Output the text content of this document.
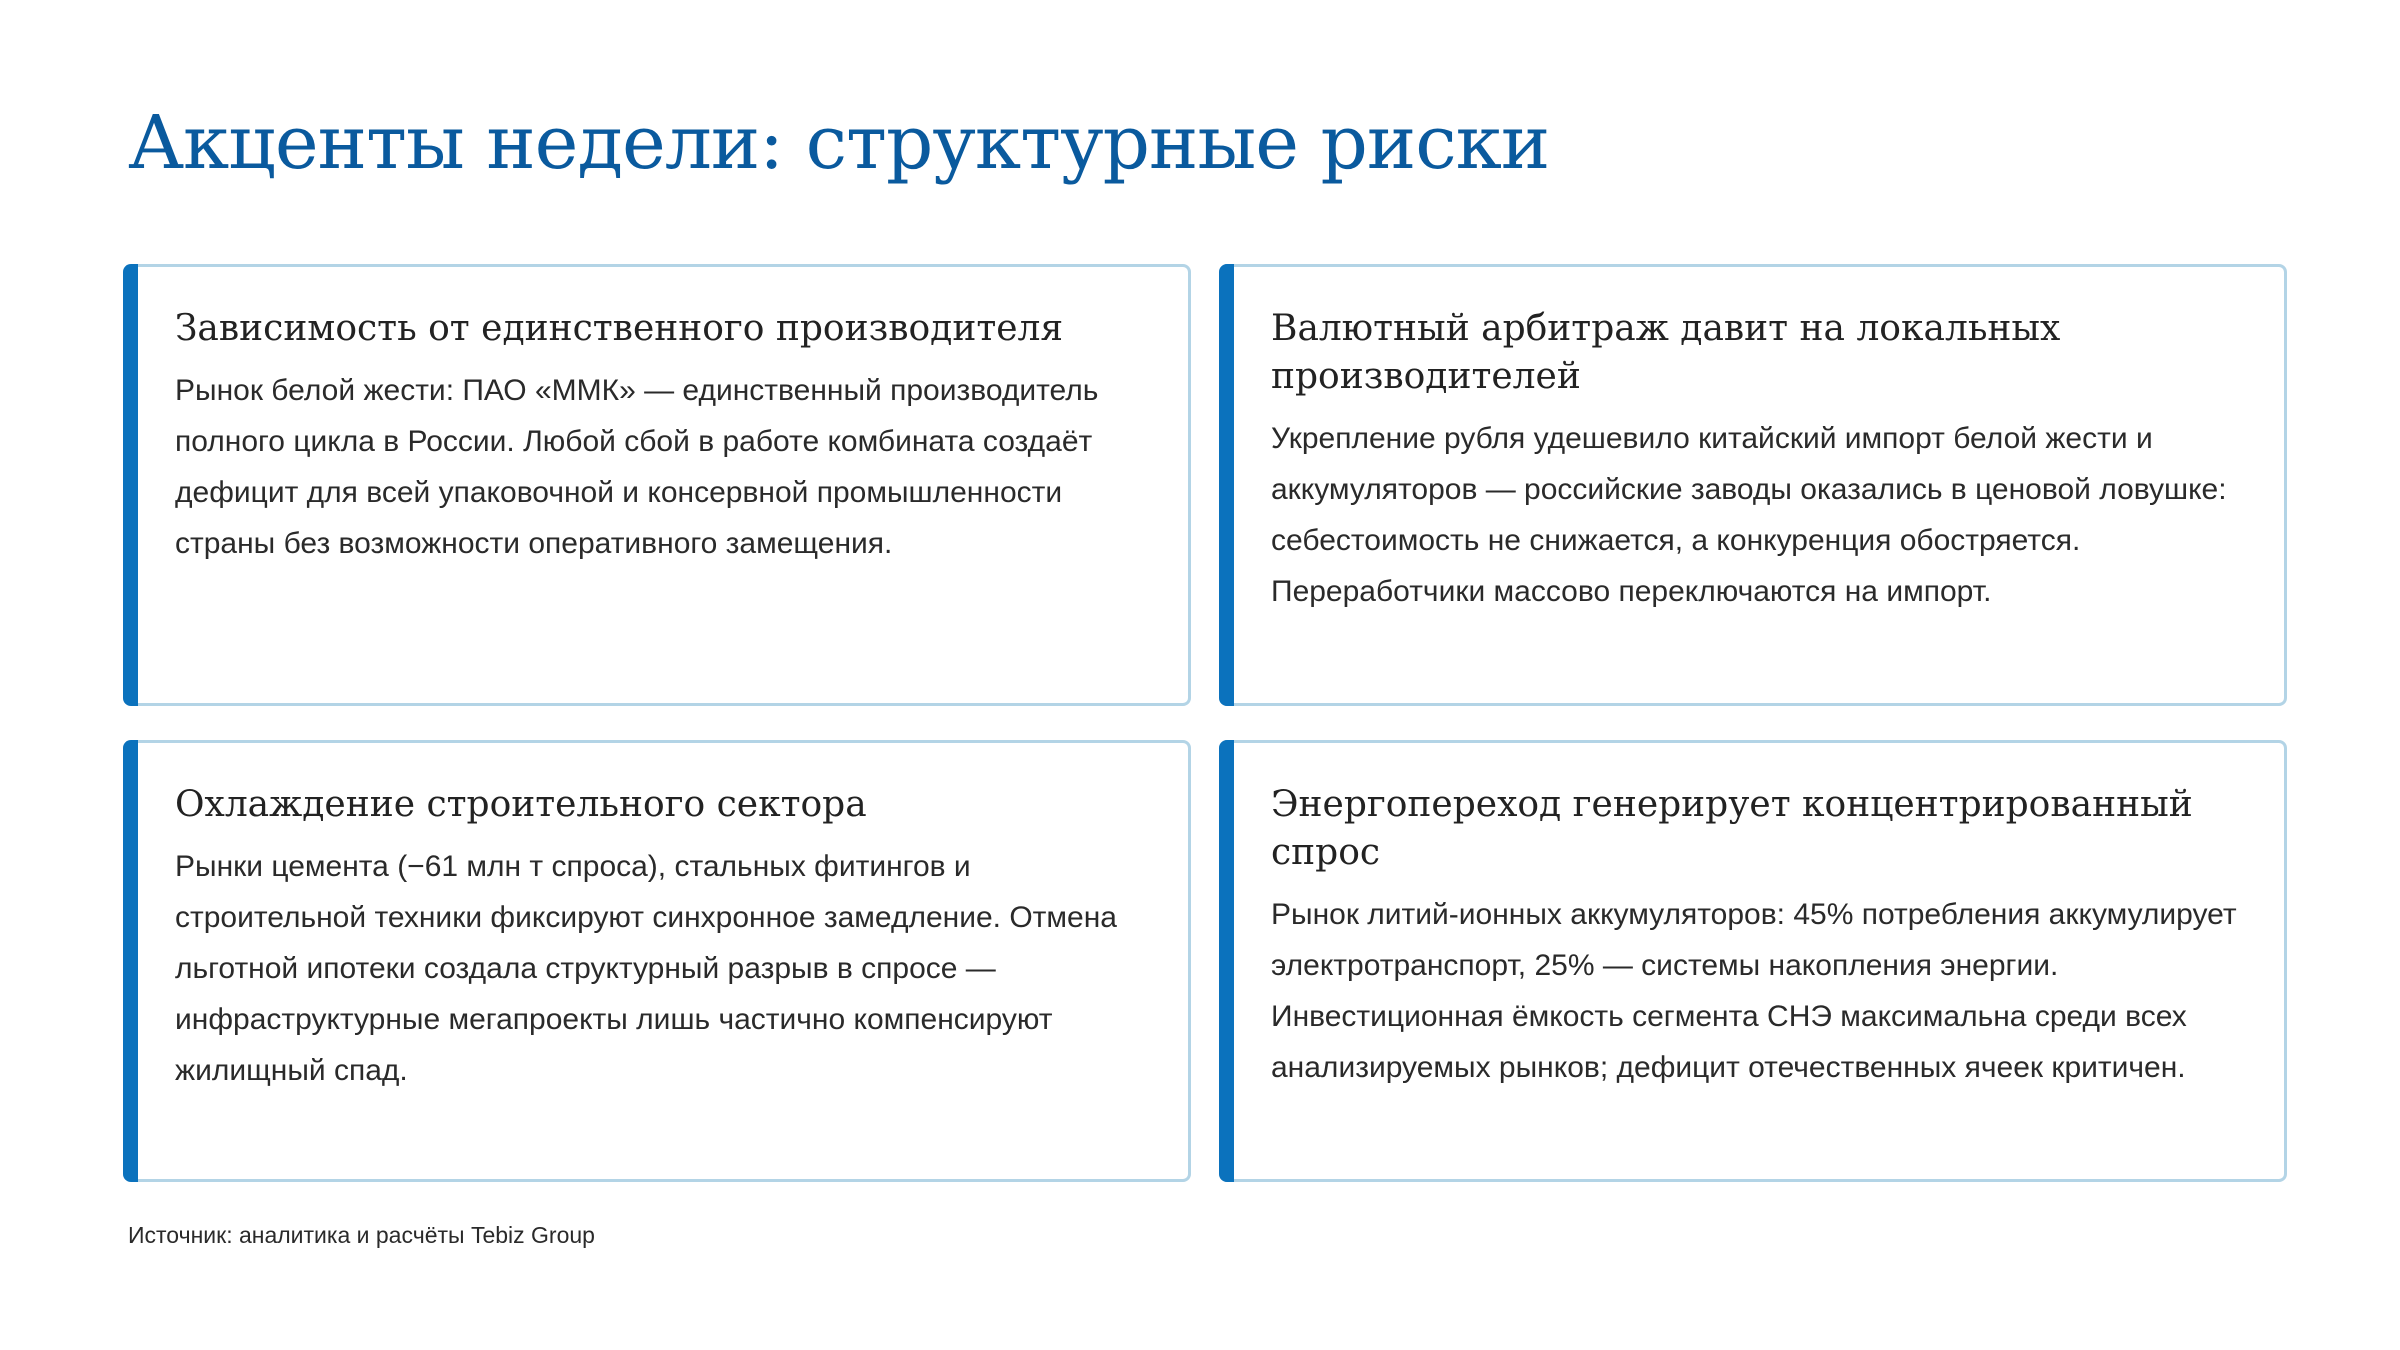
Акценты недели: структурные риски
Зависимость от единственного производителя

Рынок белой жести: ПАО «ММК» — единственный производитель полного цикла в России. Любой сбой в работе комбината создаёт дефицит для всей упаковочной и консервной промышленности страны без возможности оперативного замещения.

Валютный арбитраж давит на локальных производителей

Укрепление рубля удешевило китайский импорт белой жести и аккумуляторов — российские заводы оказались в ценовой ловушке: себестоимость не снижается, а конкуренция обостряется. Переработчики массово переключаются на импорт.

Охлаждение строительного сектора

Рынки цемента (−61 млн т спроса), стальных фитингов и строительной техники фиксируют синхронное замедление. Отмена льготной ипотеки создала структурный разрыв в спросе — инфраструктурные мегапроекты лишь частично компенсируют жилищный спад.

Энергопереход генерирует концентрированный спрос

Рынок литий-ионных аккумуляторов: 45% потребления аккумулирует электротранспорт, 25% — системы накопления энергии. Инвестиционная ёмкость сегмента СНЭ максимальна среди всех анализируемых рынков; дефицит отечественных ячеек критичен.

Источник: аналитика и расчёты Tebiz Group
